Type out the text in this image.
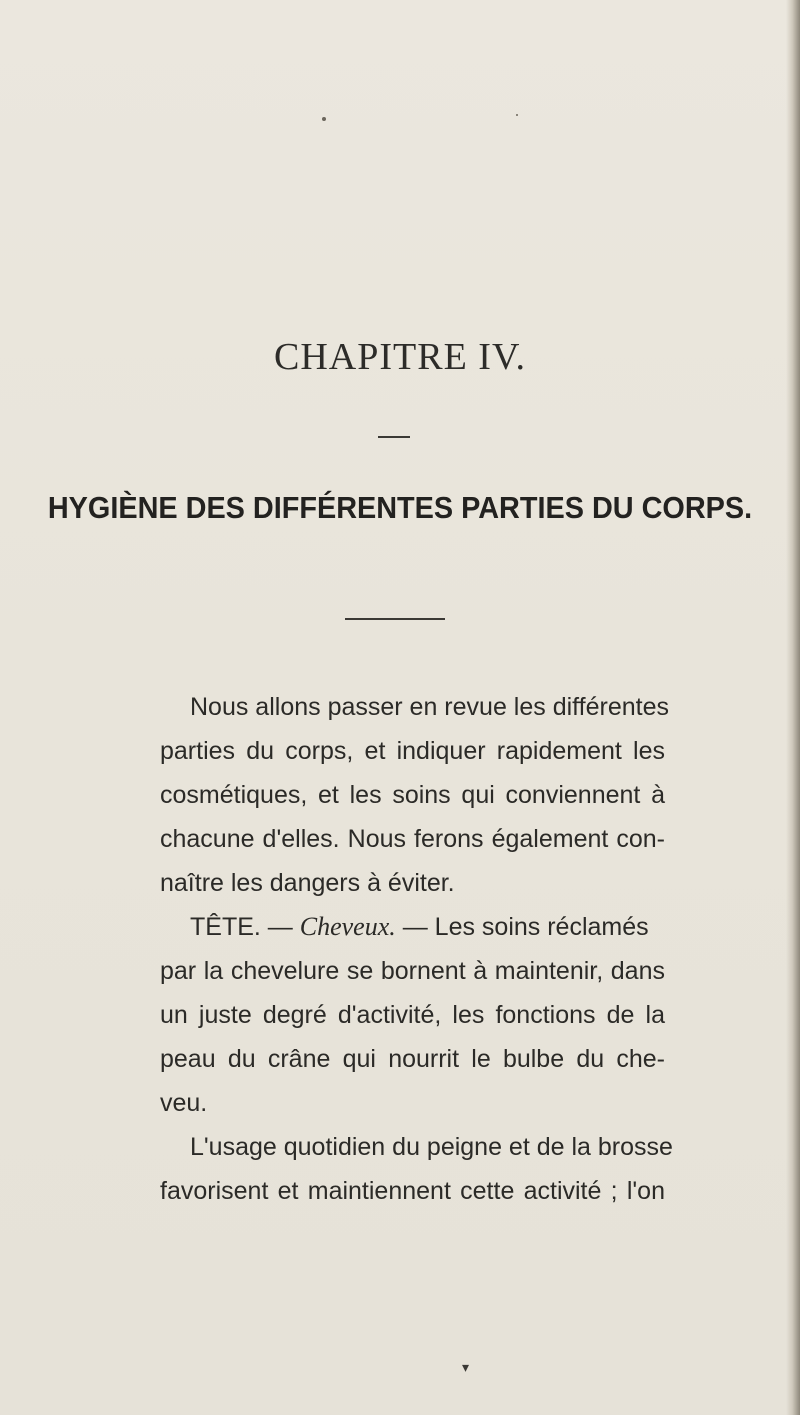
CHAPITRE IV.
HYGIÈNE DES DIFFÉRENTES PARTIES DU CORPS.
Nous allons passer en revue les différentes
parties du corps, et indiquer rapidement les
cosmétiques, et les soins qui conviennent à
chacune d'elles. Nous ferons également con-
naître les dangers à éviter.
TÊTE. — Cheveux. — Les soins réclamés
par la chevelure se bornent à maintenir, dans
un juste degré d'activité, les fonctions de la
peau du crâne qui nourrit le bulbe du che-
veu.
L'usage quotidien du peigne et de la brosse
favorisent et maintiennent cette activité ; l'on
▾
